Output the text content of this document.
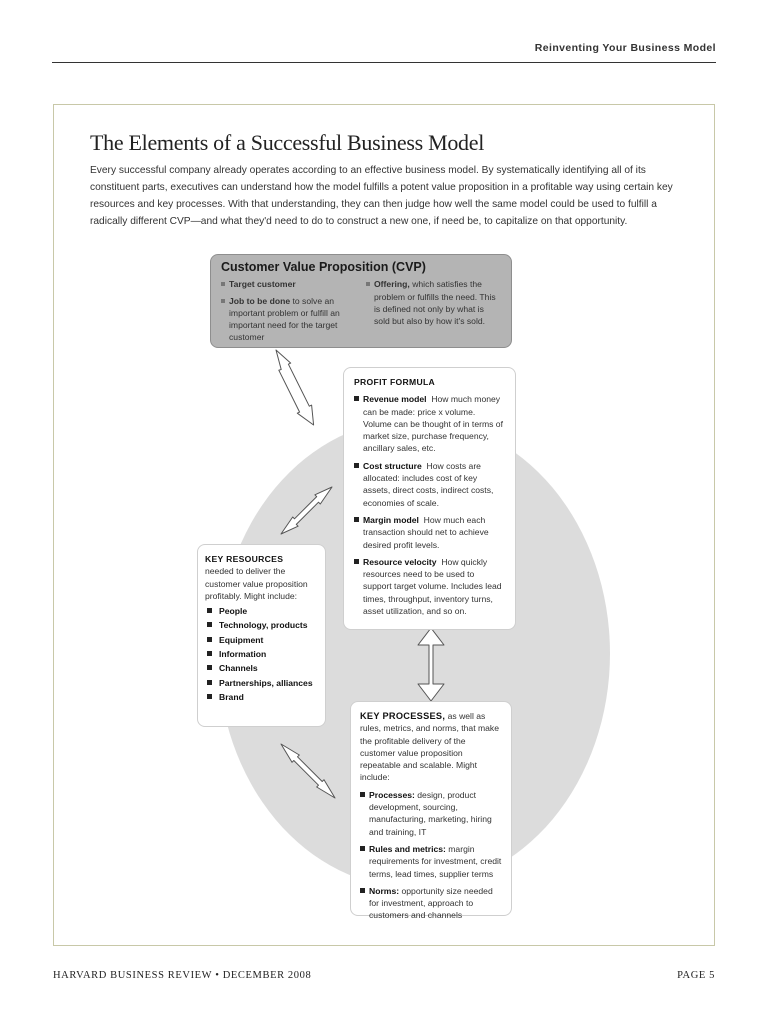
Reinventing Your Business Model
The Elements of a Successful Business Model

Every successful company already operates according to an effective business model. By systematically identifying all of its constituent parts, executives can understand how the model fulfills a potent value proposition in a profitable way using certain key resources and key processes. With that understanding, they can then judge how well the same model could be used to fulfill a radically different CVP—and what they'd need to do to construct a new one, if need be, to capitalize on that opportunity.

Customer Value Proposition (CVP)
Target customer
Job to be done to solve an important problem or fulfill an important need for the target customer
Offering, which satisfies the problem or fulfills the need. This is defined not only by what is sold but also by how it's sold.
PROFIT FORMULA
Revenue model How much money can be made: price x volume. Volume can be thought of in terms of market size, purchase frequency, ancillary sales, etc.
Cost structure How costs are allocated: includes cost of key assets, direct costs, indirect costs, economies of scale.
Margin model How much each transaction should net to achieve desired profit levels.
Resource velocity How quickly resources need to be used to support target volume. Includes lead times, throughput, inventory turns, asset utilization, and so on.
KEY RESOURCES
needed to deliver the customer value proposition profitably. Might include:
People
Technology, products
Equipment
Information
Channels
Partnerships, alliances
Brand
KEY PROCESSES, as well as rules, metrics, and norms, that make the profitable delivery of the customer value proposition repeatable and scalable. Might include:
Processes: design, product development, sourcing, manufacturing, marketing, hiring and training, IT
Rules and metrics: margin requirements for investment, credit terms, lead times, supplier terms
Norms: opportunity size needed for investment, approach to customers and channels
HARVARD BUSINESS REVIEW • DECEMBER 2008	PAGE 5
